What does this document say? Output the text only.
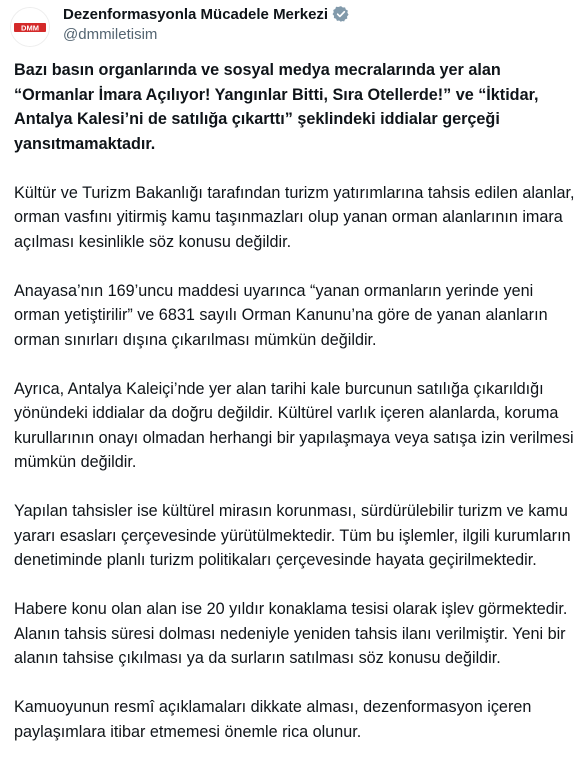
DMM
Dezenformasyonla Mücadele Merkezi
@dmmiletisim

Bazı basın organlarında ve sosyal medya mecralarında yer alan “Ormanlar İmara Açılıyor! Yangınlar Bitti, Sıra Otellerde!” ve “İktidar, Antalya Kalesi’ni de satılığa çıkarttı” şeklindeki iddialar gerçeği yansıtmamaktadır.

Kültür ve Turizm Bakanlığı tarafından turizm yatırımlarına tahsis edilen alanlar, orman vasfını yitirmiş kamu taşınmazları olup yanan orman alanlarının imara açılması kesinlikle söz konusu değildir.

Anayasa’nın 169’uncu maddesi uyarınca “yanan ormanların yerinde yeni orman yetiştirilir” ve 6831 sayılı Orman Kanunu’na göre de yanan alanların orman sınırları dışına çıkarılması mümkün değildir.

Ayrıca, Antalya Kaleiçi’nde yer alan tarihi kale burcunun satılığa çıkarıldığı yönündeki iddialar da doğru değildir. Kültürel varlık içeren alanlarda, koruma kurullarının onayı olmadan herhangi bir yapılaşmaya veya satışa izin verilmesi mümkün değildir.

Yapılan tahsisler ise kültürel mirasın korunması, sürdürülebilir turizm ve kamu yararı esasları çerçevesinde yürütülmektedir. Tüm bu işlemler, ilgili kurumların denetiminde planlı turizm politikaları çerçevesinde hayata geçirilmektedir.

Habere konu olan alan ise 20 yıldır konaklama tesisi olarak işlev görmektedir. Alanın tahsis süresi dolması nedeniyle yeniden tahsis ilanı verilmiştir. Yeni bir alanın tahsise çıkılması ya da surların satılması söz konusu değildir.

Kamuoyunun resmî açıklamaları dikkate alması, dezenformasyon içeren paylaşımlara itibar etmemesi önemle rica olunur.
